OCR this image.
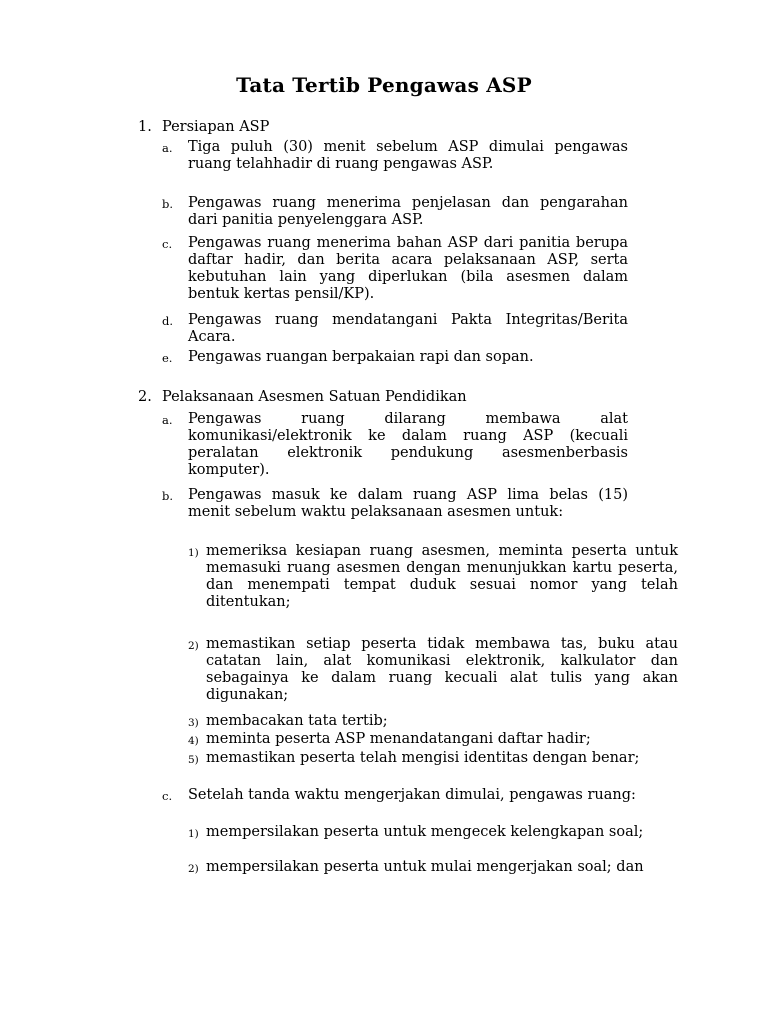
Tata Tertib Pengawas ASP
1. Persiapan ASP
a. Tiga puluh (30) menit sebelum ASP dimulai pengawas ruang telahhadir di ruang pengawas ASP.
b. Pengawas ruang menerima penjelasan dan pengarahan dari panitia penyelenggara ASP.
c. Pengawas ruang menerima bahan ASP dari panitia berupa daftar hadir, dan berita acara pelaksanaan ASP, serta kebutuhan lain yang diperlukan (bila asesmen dalam bentuk kertas pensil/KP).
d. Pengawas ruang mendatangani Pakta Integritas/Berita Acara.
e. Pengawas ruangan berpakaian rapi dan sopan.
2. Pelaksanaan Asesmen Satuan Pendidikan
a. Pengawas ruang dilarang membawa alat komunikasi/elektronik ke dalam ruang ASP (kecuali peralatan elektronik pendukung asesmenberbasis komputer).
b. Pengawas masuk ke dalam ruang ASP lima belas (15) menit sebelum waktu pelaksanaan asesmen untuk:
1) memeriksa kesiapan ruang asesmen, meminta peserta untuk memasuki ruang asesmen dengan menunjukkan kartu peserta, dan menempati tempat duduk sesuai nomor yang telah ditentukan;
2) memastikan setiap peserta tidak membawa tas, buku atau catatan lain, alat komunikasi elektronik, kalkulator dan sebagainya ke dalam ruang kecuali alat tulis yang akan digunakan;
3) membacakan tata tertib;
4) meminta peserta ASP menandatangani daftar hadir;
5) memastikan peserta telah mengisi identitas dengan benar;
c. Setelah tanda waktu mengerjakan dimulai, pengawas ruang:
1) mempersilakan peserta untuk mengecek kelengkapan soal;
2) mempersilakan peserta untuk mulai mengerjakan soal; dan
